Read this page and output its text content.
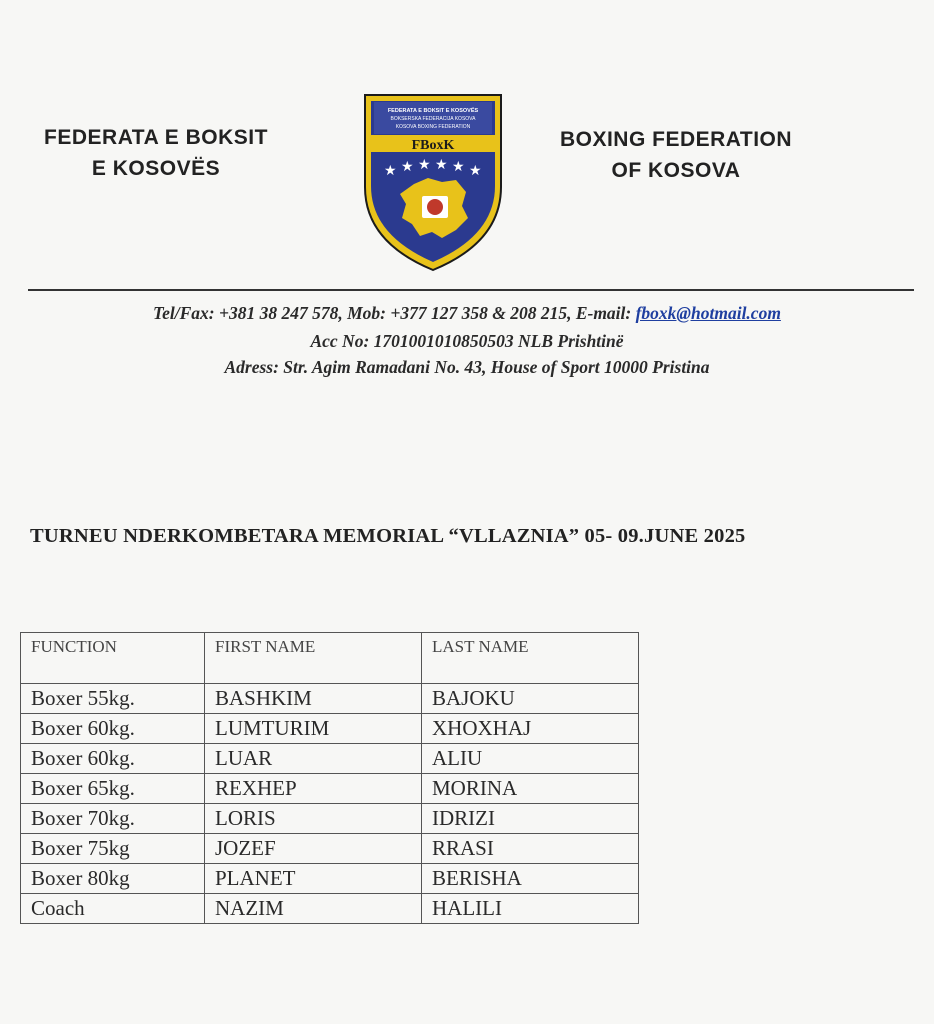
FEDERATA E BOKSIT
E KOSOVËS
FEDERATA E BOKSIT E KOSOVËS
BOKSERSKA FEDERACIJA KOSOVA
KOSOVA BOXING FEDERATION
FBoxK
★ ★ ★ ★ ★ ★
BOXING FEDERATION
OF KOSOVA
Tel/Fax: +381 38 247 578, Mob: +377 127 358 & 208 215, E-mail: fboxk@hotmail.com
Acc No: 1701001010850503 NLB Prishtinë
Adress: Str. Agim Ramadani No. 43, House of Sport 10000 Pristina
TURNEU NDERKOMBETARA MEMORIAL “VLLAZNIA” 05- 09.JUNE 2025
FUNCTION	FIRST NAME	LAST NAME
Boxer 55kg.	BASHKIM	BAJOKU
Boxer 60kg.	LUMTURIM	XHOXHAJ
Boxer 60kg.	LUAR	ALIU
Boxer 65kg.	REXHEP	MORINA
Boxer 70kg.	LORIS	IDRIZI
Boxer 75kg	JOZEF	RRASI
Boxer 80kg	PLANET	BERISHA
Coach	NAZIM	HALILI
